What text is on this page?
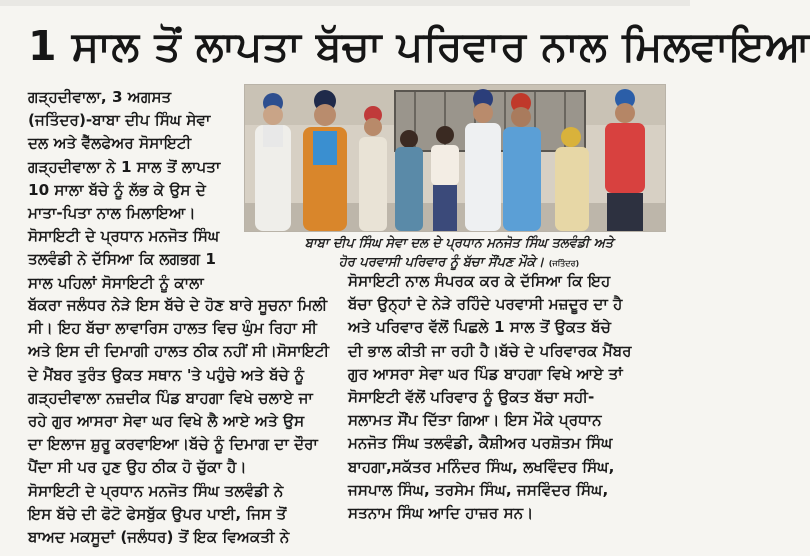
1 ਸਾਲ ਤੋਂ ਲਾਪਤਾ ਬੱਚਾ ਪਰਿਵਾਰ ਨਾਲ ਮਿਲਵਾਇਆ

ਗੜ੍ਹਦੀਵਾਲਾ, 3 ਅਗਸਤ

(ਜਤਿੰਦਰ)-ਬਾਬਾ ਦੀਪ ਸਿੰਘ ਸੇਵਾ

ਦਲ ਅਤੇ ਵੈੱਲਫੇਅਰ ਸੋਸਾਇਟੀ

ਗੜ੍ਹਦੀਵਾਲਾ ਨੇ 1 ਸਾਲ ਤੋਂ ਲਾਪਤਾ

10 ਸਾਲਾ ਬੱਚੇ ਨੂੰ ਲੱਭ ਕੇ ਉਸ ਦੇ

ਮਾਤਾ-ਪਿਤਾ ਨਾਲ ਮਿਲਾਇਆ।

ਸੋਸਾਇਟੀ ਦੇ ਪ੍ਰਧਾਨ ਮਨਜੋਤ ਸਿੰਘ

ਤਲਵੰਡੀ ਨੇ ਦੱਸਿਆ ਕਿ ਲਗਭਗ 1

ਸਾਲ ਪਹਿਲਾਂ ਸੋਸਾਇਟੀ ਨੂੰ ਕਾਲਾ

ਬੱਕਰਾ ਜਲੰਧਰ ਨੇੜੇ ਇਸ ਬੱਚੇ ਦੇ ਹੋਣ ਬਾਰੇ ਸੂਚਨਾ ਮਿਲੀ

ਸੀ। ਇਹ ਬੱਚਾ ਲਾਵਾਰਿਸ ਹਾਲਤ ਵਿਚ ਘੁੰਮ ਰਿਹਾ ਸੀ

ਅਤੇ ਇਸ ਦੀ ਦਿਮਾਗੀ ਹਾਲਤ ਠੀਕ ਨਹੀਂ ਸੀ।ਸੋਸਾਇਟੀ

ਦੇ ਮੈਂਬਰ ਤੁਰੰਤ ਉਕਤ ਸਥਾਨ 'ਤੇ ਪਹੁੰਚੇ ਅਤੇ ਬੱਚੇ ਨੂੰ

ਗੜ੍ਹਦੀਵਾਲਾ ਨਜ਼ਦੀਕ ਪਿੰਡ ਬਾਹਗਾ ਵਿਖੇ ਚਲਾਏ ਜਾ

ਰਹੇ ਗੁਰ ਆਸਰਾ ਸੇਵਾ ਘਰ ਵਿਖੇ ਲੈ ਆਏ ਅਤੇ ਉਸ

ਦਾ ਇਲਾਜ ਸ਼ੁਰੂ ਕਰਵਾਇਆ।ਬੱਚੇ ਨੂੰ ਦਿਮਾਗ ਦਾ ਦੌਰਾ

ਪੈਂਦਾ ਸੀ ਪਰ ਹੁਣ ਉਹ ਠੀਕ ਹੋ ਚੁੱਕਾ ਹੈ।

ਸੋਸਾਇਟੀ ਦੇ ਪ੍ਰਧਾਨ ਮਨਜੋਤ ਸਿੰਘ ਤਲਵੰਡੀ ਨੇ

ਇਸ ਬੱਚੇ ਦੀ ਫੋਟੋ ਫੇਸਬੁੱਕ ਉਪਰ ਪਾਈ, ਜਿਸ ਤੋਂ

ਬਾਅਦ ਮਕਸੂਦਾਂ (ਜਲੰਧਰ) ਤੋਂ ਇਕ ਵਿਅਕਤੀ ਨੇ

ਬਾਬਾ ਦੀਪ ਸਿੰਘ ਸੇਵਾ ਦਲ ਦੇ ਪ੍ਰਧਾਨ ਮਨਜੋਤ ਸਿੰਘ ਤਲਵੰਡੀ ਅਤੇ

ਹੋਰ ਪਰਵਾਸੀ ਪਰਿਵਾਰ ਨੂੰ ਬੱਚਾ ਸੌਂਪਣ ਮੌਕੇ। (ਜਤਿੰਦਰ)

ਸੋਸਾਇਟੀ ਨਾਲ ਸੰਪਰਕ ਕਰ ਕੇ ਦੱਸਿਆ ਕਿ ਇਹ

ਬੱਚਾ ਉਨ੍ਹਾਂ ਦੇ ਨੇੜੇ ਰਹਿੰਦੇ ਪਰਵਾਸੀ ਮਜ਼ਦੂਰ ਦਾ ਹੈ

ਅਤੇ ਪਰਿਵਾਰ ਵੱਲੋਂ ਪਿਛਲੇ 1 ਸਾਲ ਤੋਂ ਉਕਤ ਬੱਚੇ

ਦੀ ਭਾਲ ਕੀਤੀ ਜਾ ਰਹੀ ਹੈ।ਬੱਚੇ ਦੇ ਪਰਿਵਾਰਕ ਮੈਂਬਰ

ਗੁਰ ਆਸਰਾ ਸੇਵਾ ਘਰ ਪਿੰਡ ਬਾਹਗਾ ਵਿਖੇ ਆਏ ਤਾਂ

ਸੋਸਾਇਟੀ ਵੱਲੋਂ ਪਰਿਵਾਰ ਨੂੰ ਉਕਤ ਬੱਚਾ ਸਹੀ-

ਸਲਾਮਤ ਸੌਂਪ ਦਿੱਤਾ ਗਿਆ। ਇਸ ਮੌਕੇ ਪ੍ਰਧਾਨ

ਮਨਜੋਤ ਸਿੰਘ ਤਲਵੰਡੀ, ਕੈਸ਼ੀਅਰ ਪਰਸ਼ੋਤਮ ਸਿੰਘ

ਬਾਹਗਾ,ਸਕੱਤਰ ਮਨਿੰਦਰ ਸਿੰਘ, ਲਖਵਿੰਦਰ ਸਿੰਘ,

ਜਸਪਾਲ ਸਿੰਘ, ਤਰਸੇਮ ਸਿੰਘ, ਜਸਵਿੰਦਰ ਸਿੰਘ,

ਸਤਨਾਮ ਸਿੰਘ ਆਦਿ ਹਾਜ਼ਰ ਸਨ।
